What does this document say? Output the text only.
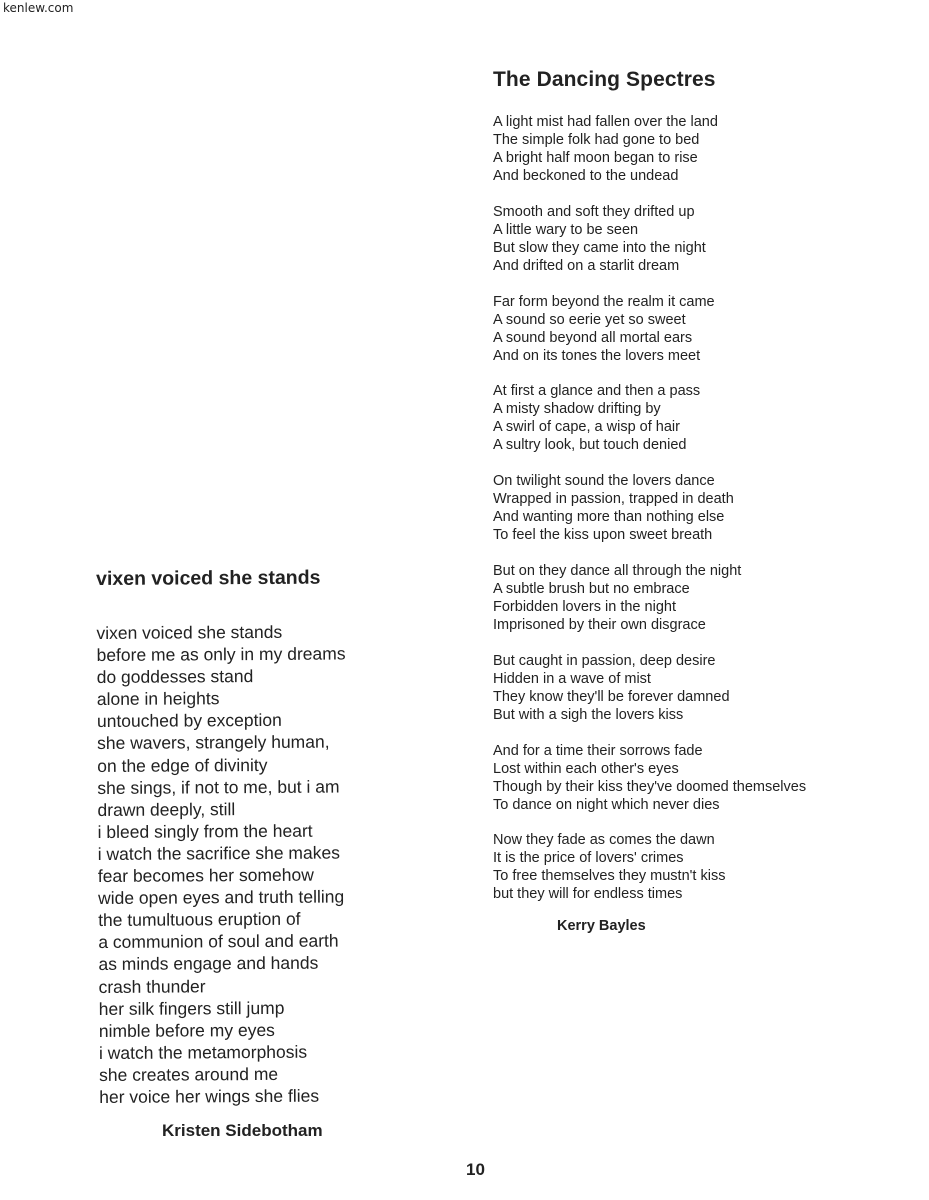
kenlew.com
The Dancing Spectres
A light mist had fallen over the land
The simple folk had gone to bed
A bright half moon began to rise
And beckoned to the undead
Smooth and soft they drifted up
A little wary to be seen
But slow they came into the night
And drifted on a starlit dream
Far form beyond the realm it came
A sound so eerie yet so sweet
A sound beyond all mortal ears
And on its tones the lovers meet
At first a glance and then a pass
A misty shadow drifting by
A swirl of cape, a wisp of hair
A sultry look, but touch denied
On twilight sound the lovers dance
Wrapped in passion, trapped in death
And wanting more than nothing else
To feel the kiss upon sweet breath
But on they dance all through the night
A subtle brush but no embrace
Forbidden lovers in the night
Imprisoned by their own disgrace
But caught in passion, deep desire
Hidden in a wave of mist
They know they'll be forever damned
But with a sigh the lovers kiss
And for a time their sorrows fade
Lost within each other's eyes
Though by their kiss they've doomed themselves
To dance on night which never dies
Now they fade as comes the dawn
It is the price of lovers' crimes
To free themselves they mustn't kiss
but they will for endless times
Kerry Bayles
vixen voiced she stands
vixen voiced she stands
before me as only in my dreams
do goddesses stand
alone in heights
untouched by exception
she wavers, strangely human,
on the edge of divinity
she sings, if not to me, but i am
drawn deeply, still
i bleed singly from the heart
i watch the sacrifice she makes
fear becomes her somehow
wide open eyes and truth telling
the tumultuous eruption of
a communion of soul and earth
as minds engage and hands
crash thunder
her silk fingers still jump
nimble before my eyes
i watch the metamorphosis
she creates around me
her voice her wings she flies
Kristen Sidebotham
10
